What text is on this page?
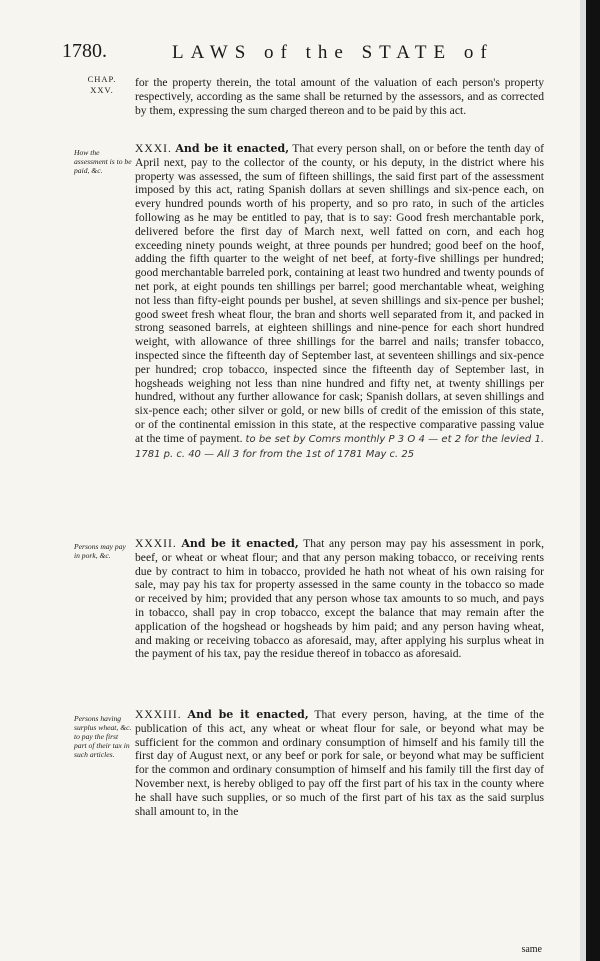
1780.	LAWS of the STATE of
CHAP. XXV.

for the property therein, the total amount of the valuation of each person's property respectively, according as the same shall be returned by the assessors, and as corrected by them, expressing the sum charged thereon and to be paid by this act.

How the assessment is to be paid, &c.

XXXI. And be it enacted, That every person shall, on or before the tenth day of April next, pay to the collector of the county, or his deputy, in the district where his property was assessed, the sum of fifteen shillings, the said first part of the assessment imposed by this act, rating Spanish dollars at seven shillings and six-pence each, on every hundred pounds worth of his property, and so pro rato, in such of the articles following as he may be entitled to pay, that is to say: Good fresh merchantable pork, delivered before the first day of March next, well fatted on corn, and each hog exceeding ninety pounds weight, at three pounds per hundred; good beef on the hoof, adding the fifth quarter to the weight of net beef, at forty-five shillings per hundred; good merchantable barreled pork, containing at least two hundred and twenty pounds of net pork, at eight pounds ten shillings per barrel; good merchantable wheat, weighing not less than fifty-eight pounds per bushel, at seven shillings and six-pence per bushel; good sweet fresh wheat flour, the bran and shorts well separated from it, and packed in strong seasoned barrels, at eighteen shillings and nine-pence for each short hundred weight, with allowance of three shillings for the barrel and nails; transfer tobacco, inspected since the fifteenth day of September last, at seventeen shillings and six-pence per hundred; crop tobacco, inspected since the fifteenth day of September last, in hogsheads weighing not less than nine hundred and fifty net, at twenty shillings per hundred, without any further allowance for cask; Spanish dollars, at seven shillings and six-pence each; other silver or gold, or new bills of credit of the emission of this state, or of the continental emission in this state, at the respective comparative passing value at the time of payment. to be set by Comrs monthly P 3 O 4 — et 2 for the levied 1. 1781 p. c. 40 — All 3 for from the 1st of 1781 May c. 25

Persons may pay in pork, &c.

XXXII. And be it enacted, That any person may pay his assessment in pork, beef, or wheat or wheat flour; and that any person making tobacco, or receiving rents due by contract to him in tobacco, provided he hath not wheat of his own raising for sale, may pay his tax for property assessed in the same county in the tobacco so made or received by him; provided that any person whose tax amounts to so much, and pays in tobacco, shall pay in crop tobacco, except the balance that may remain after the application of the hogshead or hogsheads by him paid; and any person having wheat, and making or receiving tobacco as aforesaid, may, after applying his surplus wheat in the payment of his tax, pay the residue thereof in tobacco as aforesaid.

Persons having surplus wheat, &c. to pay the first part of their tax in such articles.

XXXIII. And be it enacted, That every person, having, at the time of the publication of this act, any wheat or wheat flour for sale, or beyond what may be sufficient for the common and ordinary consumption of himself and his family till the first day of August next, or any beef or pork for sale, or beyond what may be sufficient for the common and ordinary consumption of himself and his family till the first day of November next, is hereby obliged to pay off the first part of his tax in the county where he shall have such supplies, or so much of the first part of his tax as the said surplus shall amount to, in the

same
